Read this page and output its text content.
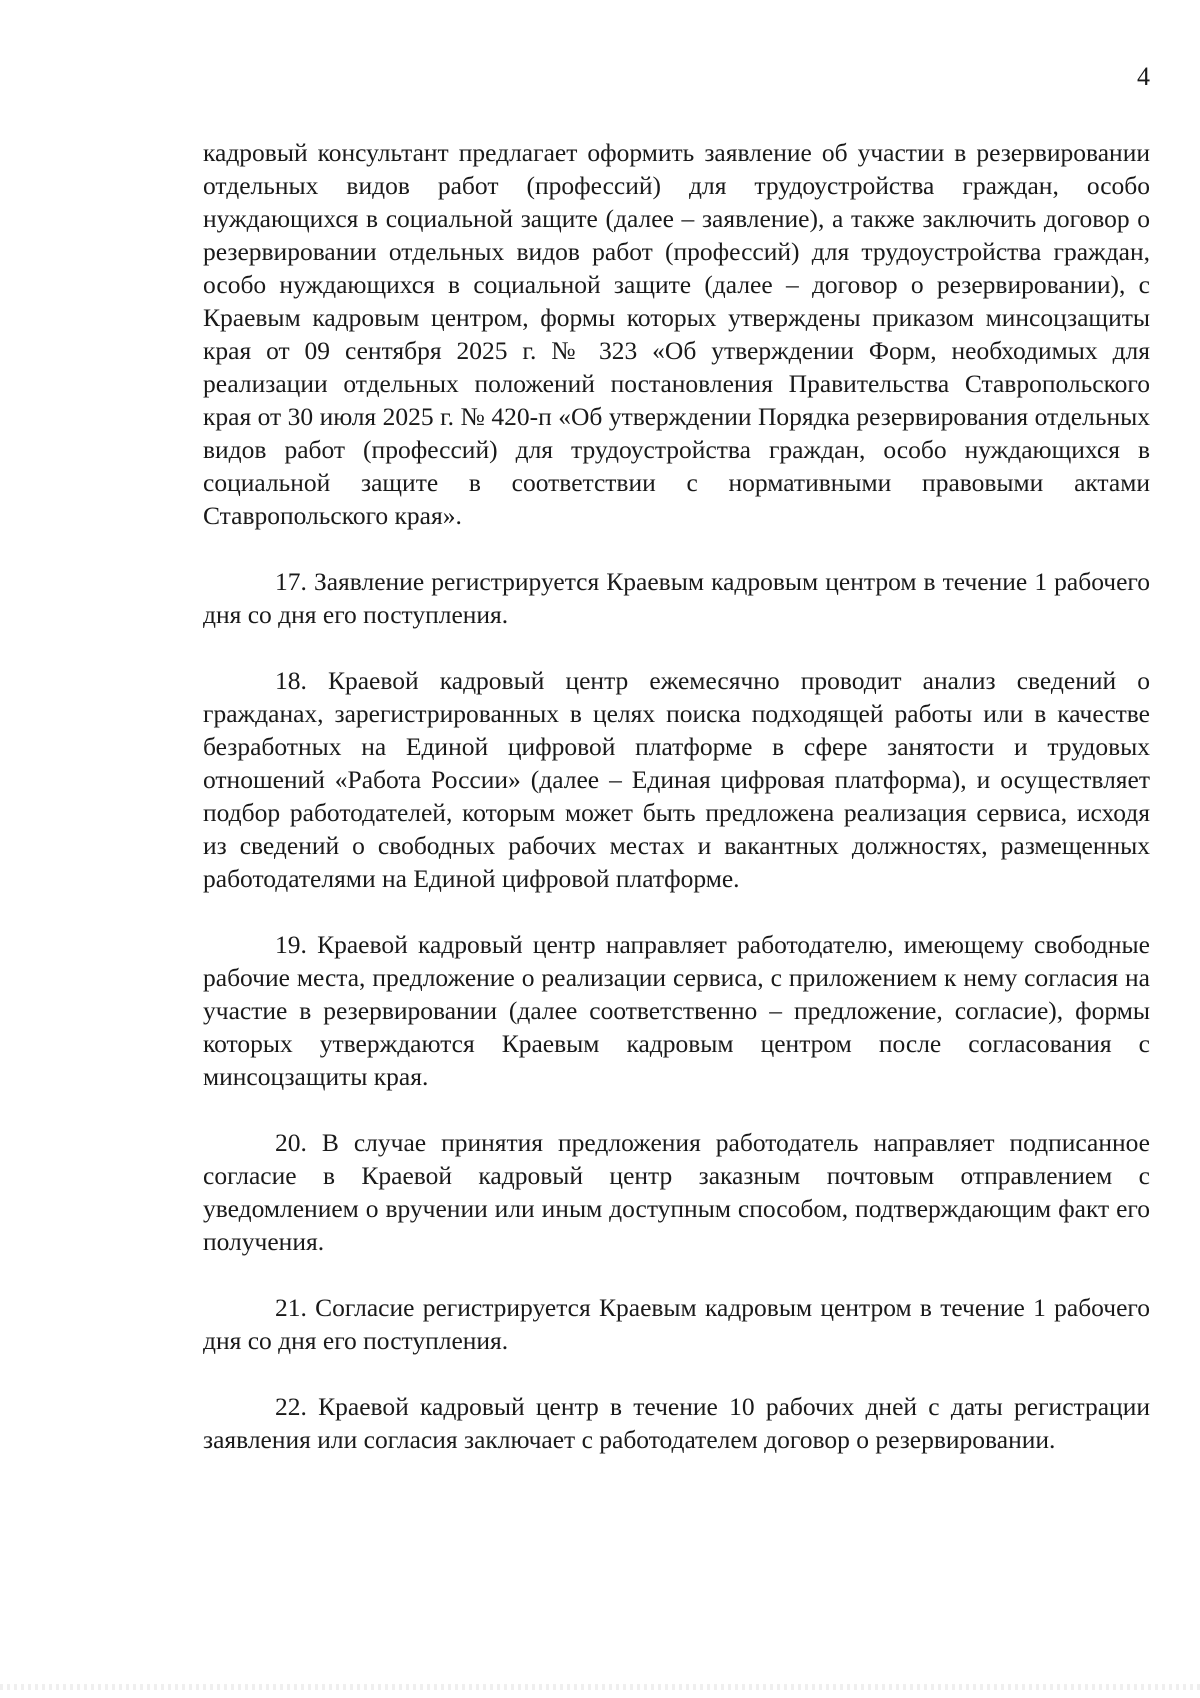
4

кадровый консультант предлагает оформить заявление об участии в резервировании отдельных видов работ (профессий) для трудоустройства граждан, особо нуждающихся в социальной защите (далее – заявление), а также заключить договор о резервировании отдельных видов работ (профессий) для трудоустройства граждан, особо нуждающихся в социальной защите (далее – договор о резервировании), с Краевым кадровым центром, формы которых утверждены приказом минсоцзащиты края от 09 сентября 2025 г. № 323 «Об утверждении Форм, необходимых для реализации отдельных положений постановления Правительства Ставропольского края от 30 июля 2025 г. № 420-п «Об утверждении Порядка резервирования отдельных видов работ (профессий) для трудоустройства граждан, особо нуждающихся в социальной защите в соответствии с нормативными правовыми актами Ставропольского края».

17. Заявление регистрируется Краевым кадровым центром в течение 1 рабочего дня со дня его поступления.

18. Краевой кадровый центр ежемесячно проводит анализ сведений о гражданах, зарегистрированных в целях поиска подходящей работы или в качестве безработных на Единой цифровой платформе в сфере занятости и трудовых отношений «Работа России» (далее – Единая цифровая платформа), и осуществляет подбор работодателей, которым может быть предложена реализация сервиса, исходя из сведений о свободных рабочих местах и вакантных должностях, размещенных работодателями на Единой цифровой платформе.

19. Краевой кадровый центр направляет работодателю, имеющему свободные рабочие места, предложение о реализации сервиса, с приложением к нему согласия на участие в резервировании (далее соответственно – предложение, согласие), формы которых утверждаются Краевым кадровым центром после согласования с минсоцзащиты края.

20. В случае принятия предложения работодатель направляет подписанное согласие в Краевой кадровый центр заказным почтовым отправлением с уведомлением о вручении или иным доступным способом, подтверждающим факт его получения.

21. Согласие регистрируется Краевым кадровым центром в течение 1 рабочего дня со дня его поступления.

22. Краевой кадровый центр в течение 10 рабочих дней с даты регистрации заявления или согласия заключает с работодателем договор о резервировании.
